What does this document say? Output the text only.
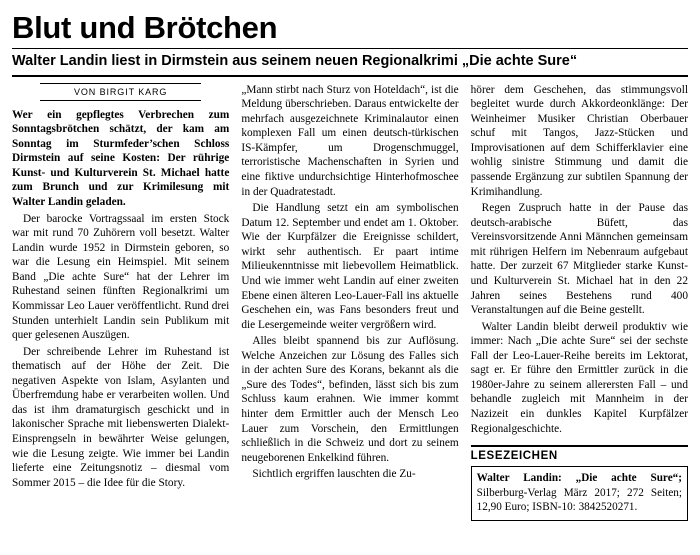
Blut und Brötchen
Walter Landin liest in Dirmstein aus seinem neuen Regionalkrimi „Die achte Sure“
VON BIRGIT KARG

Wer ein gepflegtes Verbrechen zum Sonntagsbrötchen schätzt, der kam am Sonntag im Sturmfeder’schen Schloss Dirmstein auf seine Kosten: Der rührige Kunst- und Kulturverein St. Michael hatte zum Brunch und zur Krimilesung mit Walter Landin geladen.

Der barocke Vortragssaal im ersten Stock war mit rund 70 Zuhörern voll besetzt. Walter Landin wurde 1952 in Dirmstein geboren, so war die Lesung ein Heimspiel. Mit seinem Band „Die achte Sure“ hat der Lehrer im Ruhestand seinen fünften Regionalkrimi um Kommissar Leo Lauer veröffentlicht. Rund drei Stunden unterhielt Landin sein Publikum mit quer gelesenen Auszügen.

Der schreibende Lehrer im Ruhestand ist thematisch auf der Höhe der Zeit. Die negativen Aspekte von Islam, Asylanten und Überfremdung habe er verarbeiten wollen. Und das ist ihm dramaturgisch geschickt und in lakonischer Sprache mit liebenswerten Dialekt-Einsprengseln in bewährter Weise gelungen, wie die Lesung zeigte. Wie immer bei Landin lieferte eine Zeitungsnotiz – diesmal vom Sommer 2015 – die Idee für die Story.

„Mann stirbt nach Sturz von Hoteldach“, ist die Meldung überschrieben. Daraus entwickelte der mehrfach ausgezeichnete Kriminalautor einen komplexen Fall um einen deutsch-türkischen IS-Kämpfer, um Drogenschmuggel, terroristische Machenschaften in Syrien und eine fiktive undurchsichtige Hinterhofmoschee in der Quadratestadt.

Die Handlung setzt ein am symbolischen Datum 12. September und endet am 1. Oktober. Wie der Kurpfälzer die Ereignisse schildert, wirkt sehr authentisch. Er paart intime Milieukenntnisse mit liebevollem Heimatblick. Und wie immer weht Landin auf einer zweiten Ebene einen älteren Leo-Lauer-Fall ins aktuelle Geschehen ein, was Fans besonders freut und die Lesergemeinde weiter vergrößern wird.

Alles bleibt spannend bis zur Auflösung. Welche Anzeichen zur Lösung des Falles sich in der achten Sure des Korans, bekannt als die „Sure des Todes“, befinden, lässt sich bis zum Schluss kaum erahnen. Wie immer kommt hinter dem Ermittler auch der Mensch Leo Lauer zum Vorschein, den Ermittlungen schließlich in die Schweiz und dort zu seinem neugeborenen Enkelkind führen.

Sichtlich ergriffen lauschten die Zu-

hörer dem Geschehen, das stimmungsvoll begleitet wurde durch Akkordeonklänge: Der Weinheimer Musiker Christian Oberbauer schuf mit Tangos, Jazz-Stücken und Improvisationen auf dem Schifferklavier eine wohlig sinistre Stimmung und damit die passende Ergänzung zur subtilen Spannung der Krimihandlung.

Regen Zuspruch hatte in der Pause das deutsch-arabische Büfett, das Vereinsvorsitzende Anni Männchen gemeinsam mit rührigen Helfern im Nebenraum aufgebaut hatte. Der zurzeit 67 Mitglieder starke Kunst- und Kulturverein St. Michael hat in den 22 Jahren seines Bestehens rund 400 Veranstaltungen auf die Beine gestellt.

Walter Landin bleibt derweil produktiv wie immer: Nach „Die achte Sure“ sei der sechste Fall der Leo-Lauer-Reihe bereits im Lektorat, sagt er. Er führe den Ermittler zurück in die 1980er-Jahre zu seinem allerersten Fall – und behandle zugleich mit Mannheim in der Nazizeit ein dunkles Kapitel Kurpfälzer Regionalgeschichte.

LESEZEICHEN
Walter Landin: „Die achte Sure“; Silberburg-Verlag März 2017; 272 Seiten; 12,90 Euro; ISBN-10: 3842520271.
